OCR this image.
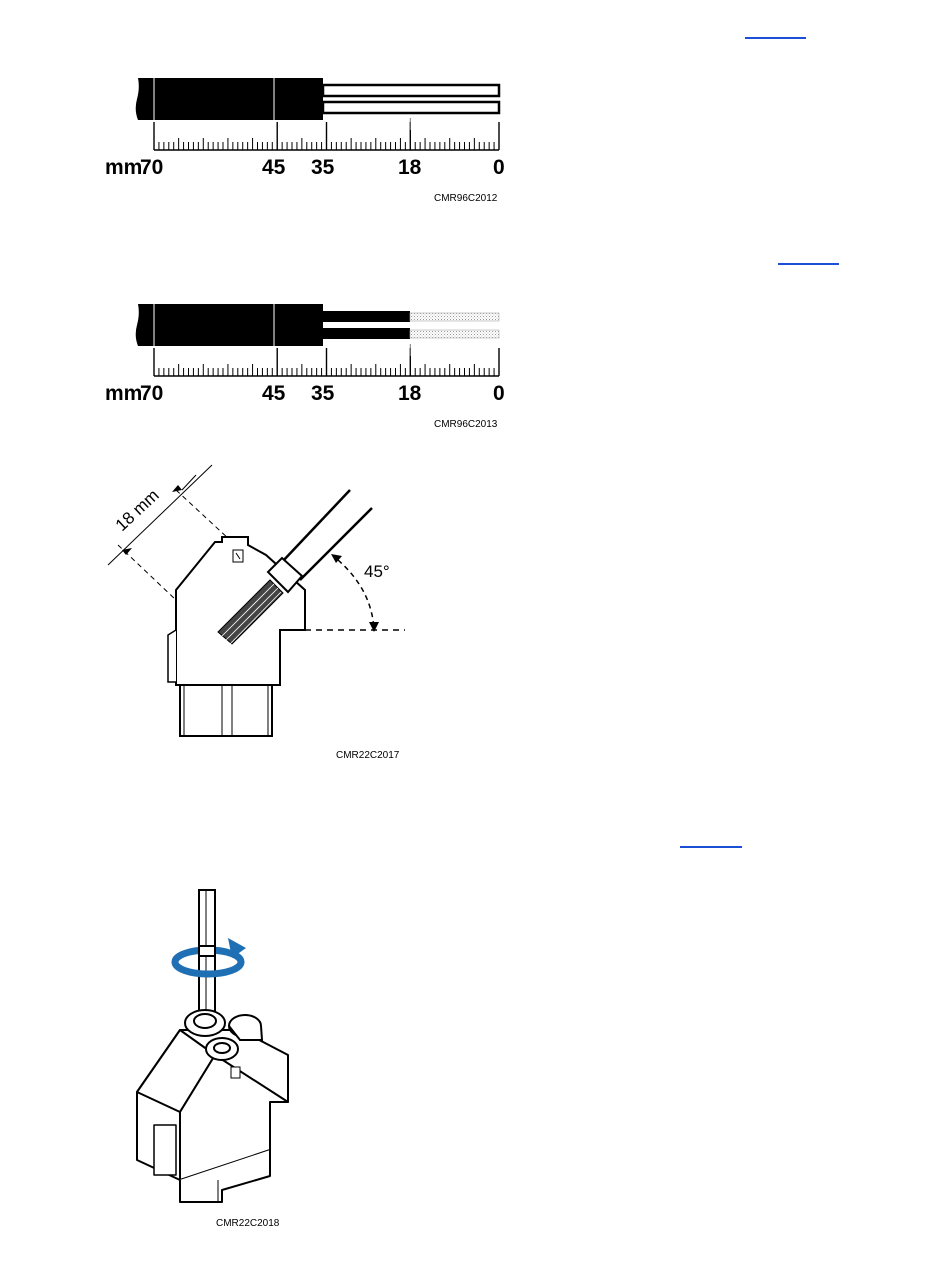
mm
70	45 35	18	0
CMR96C2012
mm
70	45 35	18	0
CMR96C2013
18 mm
45°
CMR22C2017
CMR22C2018
